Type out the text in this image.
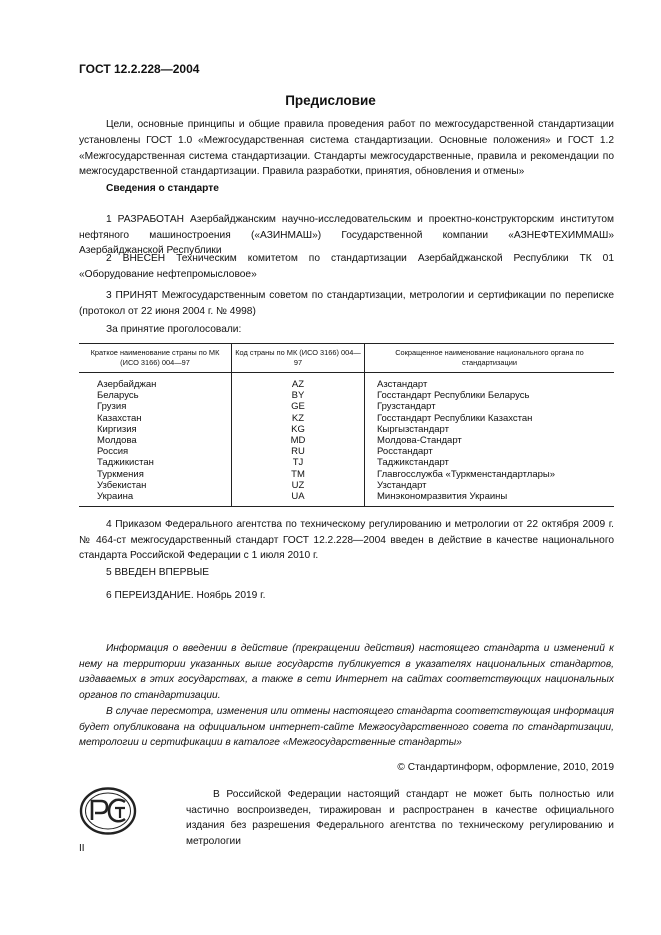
ГОСТ 12.2.228—2004
Предисловие
Цели, основные принципы и общие правила проведения работ по межгосударственной стандартизации установлены ГОСТ 1.0 «Межгосударственная система стандартизации. Основные положения» и ГОСТ 1.2 «Межгосударственная система стандартизации. Стандарты межгосударственные, правила и рекомендации по межгосударственной стандартизации. Правила разработки, принятия, обновления и отмены»
Сведения о стандарте
1 РАЗРАБОТАН Азербайджанским научно-исследовательским и проектно-конструкторским институтом нефтяного машиностроения («АЗИНМАШ») Государственной компании «АЗНЕФТЕХИММАШ» Азербайджанской Республики
2 ВНЕСЕН Техническим комитетом по стандартизации Азербайджанской Республики ТК 01 «Оборудование нефтепромысловое»
3 ПРИНЯТ Межгосударственным советом по стандартизации, метрологии и сертификации по переписке (протокол от 22 июня 2004 г. № 4998)
За принятие проголосовали:
Краткое наименование страны по МК (ИСО 3166) 004—97	Код страны по МК (ИСО 3166) 004—97	Сокращенное наименование национального органа по стандартизации
Азербайджан	AZ	Азстандарт
Беларусь	BY	Госстандарт Республики Беларусь
Грузия	GE	Грузстандарт
Казахстан	KZ	Госстандарт Республики Казахстан
Киргизия	KG	Кыргызстандарт
Молдова	MD	Молдова-Стандарт
Россия	RU	Росстандарт
Таджикистан	TJ	Таджикстандарт
Туркмения	TM	Главгосслужба «Туркменстандартлары»
Узбекистан	UZ	Узстандарт
Украина	UA	Минэкономразвития Украины
4 Приказом Федерального агентства по техническому регулированию и метрологии от 22 октября 2009 г. № 464-ст межгосударственный стандарт ГОСТ 12.2.228—2004 введен в действие в качестве национального стандарта Российской Федерации с 1 июля 2010 г.
5 ВВЕДЕН ВПЕРВЫЕ
6 ПЕРЕИЗДАНИЕ. Ноябрь 2019 г.
Информация о введении в действие (прекращении действия) настоящего стандарта и изменений к нему на территории указанных выше государств публикуется в указателях национальных стандартов, издаваемых в этих государствах, а также в сети Интернет на сайтах соответствующих национальных органов по стандартизации.
В случае пересмотра, изменения или отмены настоящего стандарта соответствующая информация будет опубликована на официальном интернет-сайте Межгосударственного совета по стандартизации, метрологии и сертификации в каталоге «Межгосударственные стандарты»
© Стандартинформ, оформление, 2010, 2019
В Российской Федерации настоящий стандарт не может быть полностью или частично воспроизведен, тиражирован и распространен в качестве официального издания без разрешения Федерального агентства по техническому регулированию и метрологии
II
